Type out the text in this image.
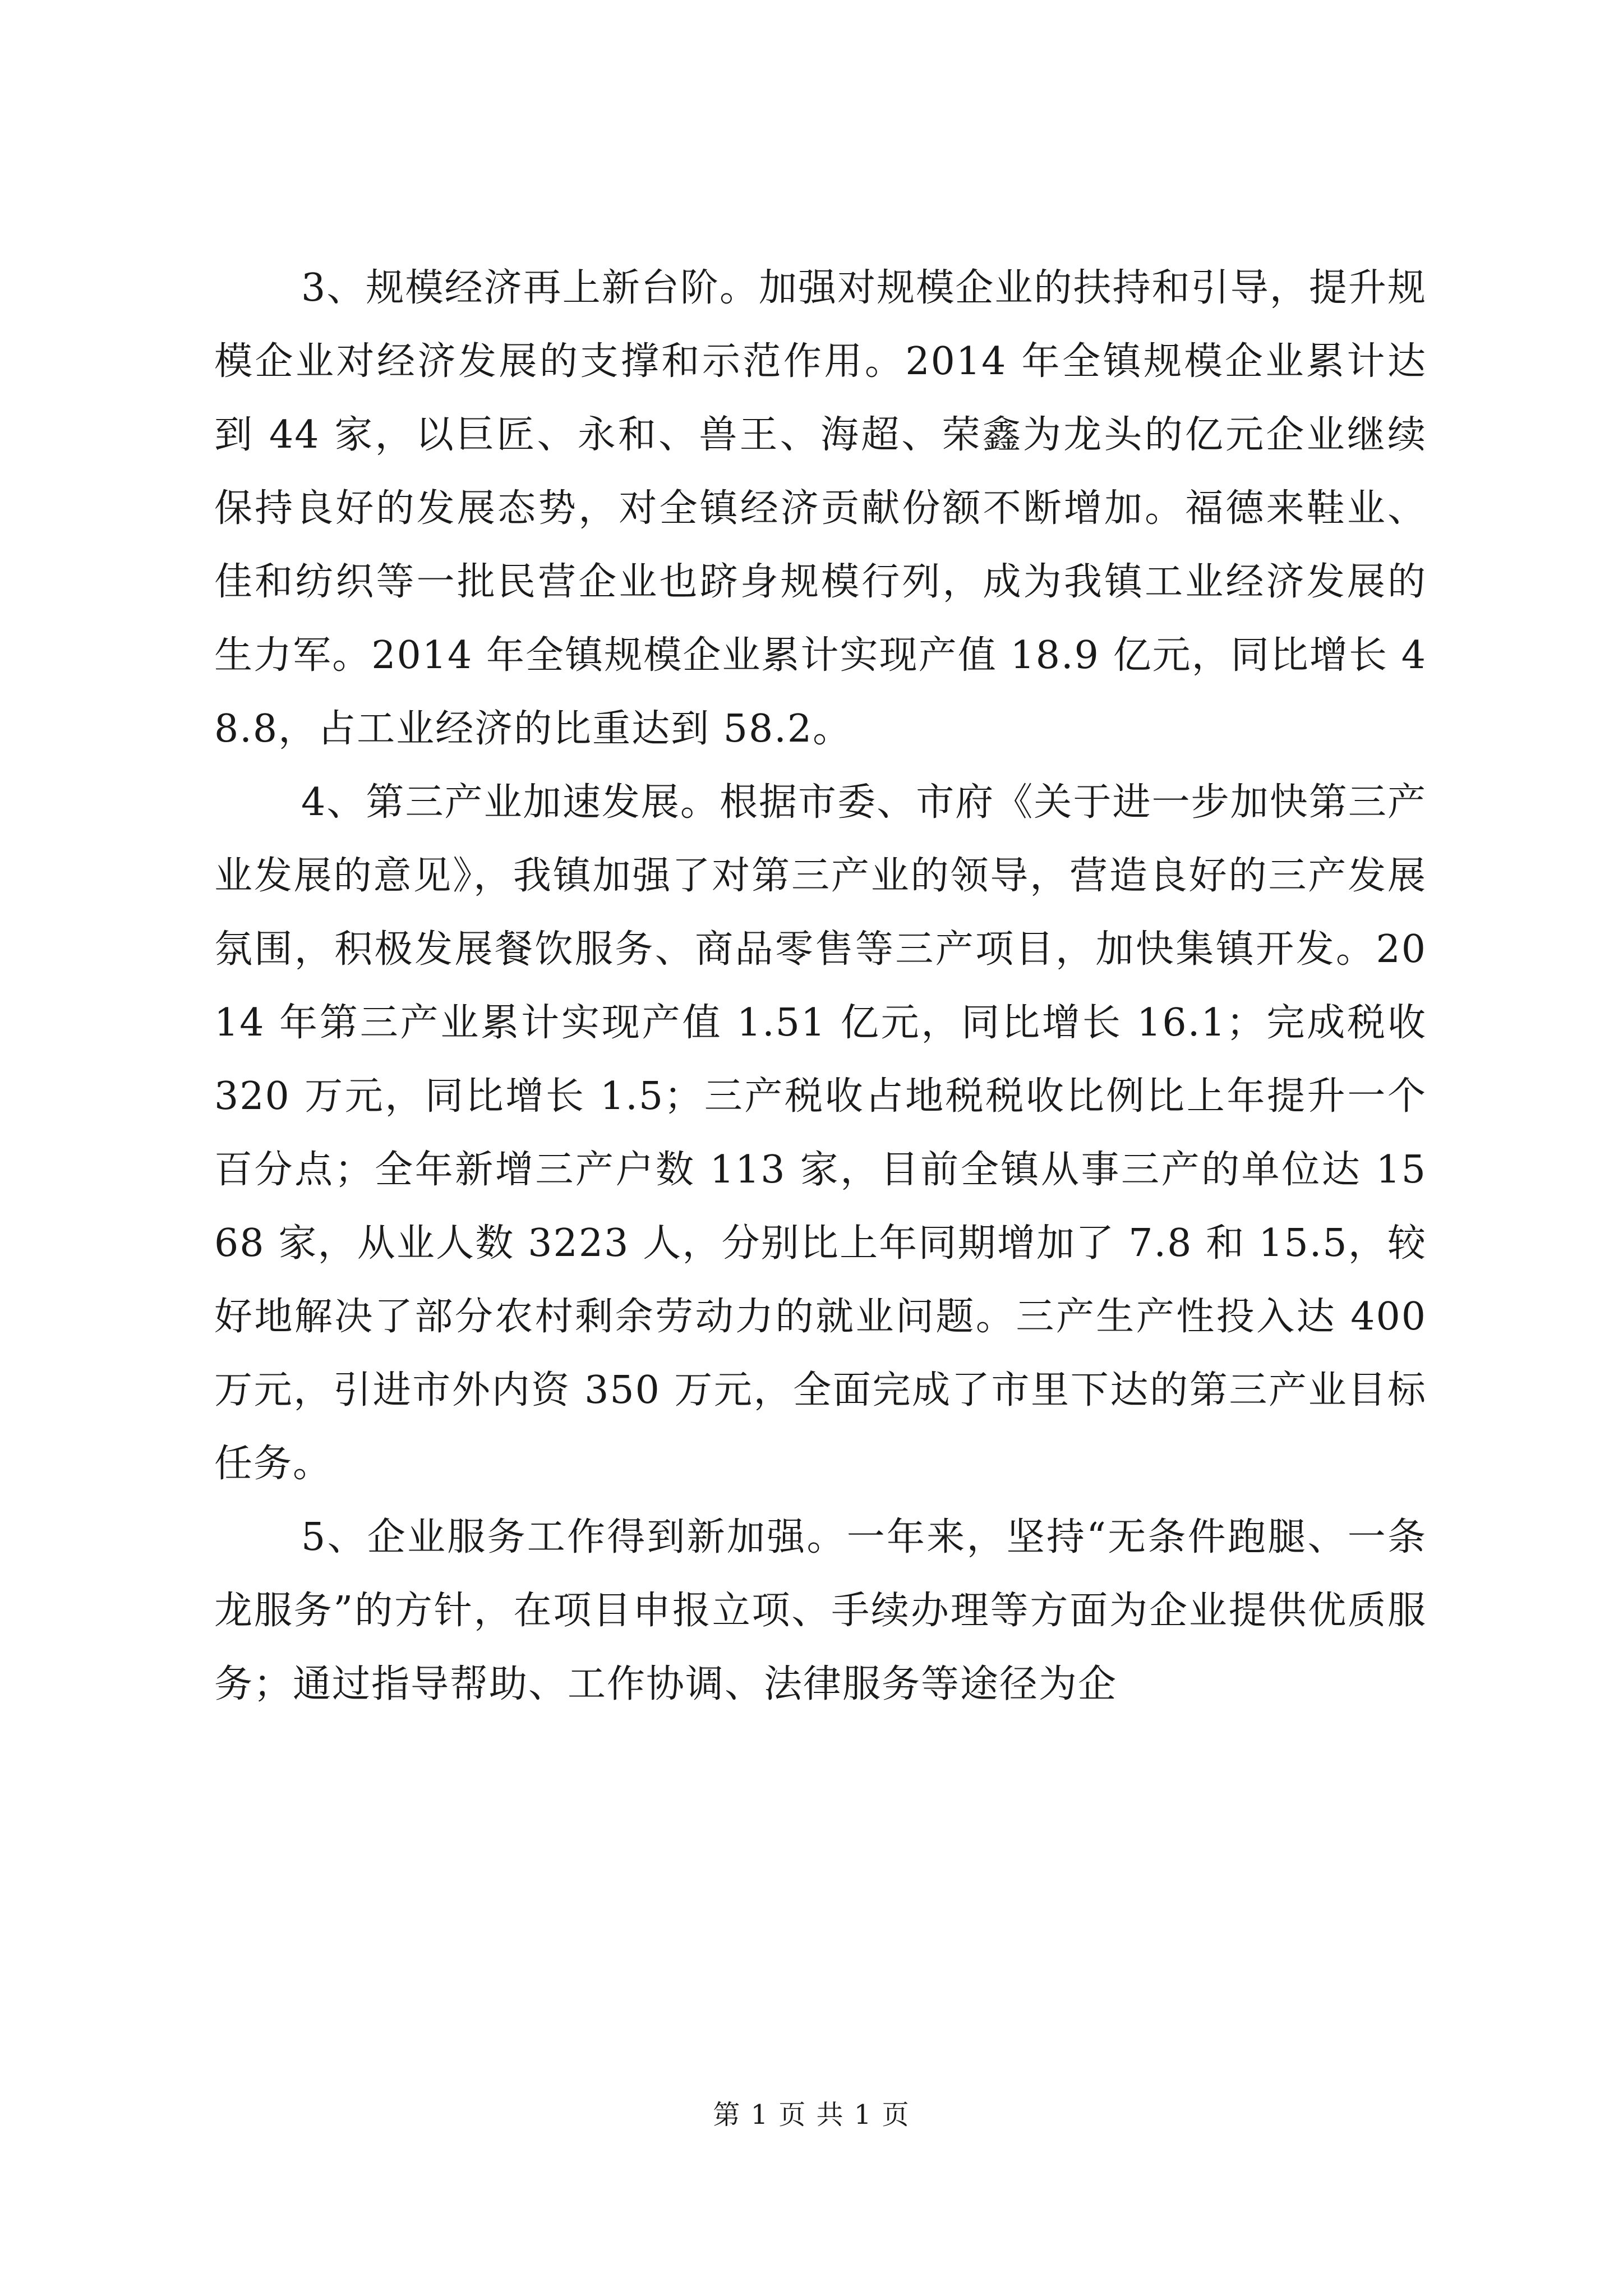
3、规模经济再上新台阶。加强对规模企业的扶持和引导，提升规模企业对经济发展的支撑和示范作用。2014 年全镇规模企业累计达到 44 家，以巨匠、永和、兽王、海超、荣鑫为龙头的亿元企业继续保持良好的发展态势，对全镇经济贡献份额不断增加。福德来鞋业、佳和纺织等一批民营企业也跻身规模行列，成为我镇工业经济发展的生力军。2014 年全镇规模企业累计实现产值 18.9 亿元，同比增长 48.8，占工业经济的比重达到 58.2。

4、第三产业加速发展。根据市委、市府《关于进一步加快第三产业发展的意见》，我镇加强了对第三产业的领导，营造良好的三产发展氛围，积极发展餐饮服务、商品零售等三产项目，加快集镇开发。2014 年第三产业累计实现产值 1.51 亿元，同比增长 16.1；完成税收 320 万元，同比增长 1.5；三产税收占地税税收比例比上年提升一个百分点；全年新增三产户数 113 家，目前全镇从事三产的单位达 1568 家，从业人数 3223 人，分别比上年同期增加了 7.8 和 15.5，较好地解决了部分农村剩余劳动力的就业问题。三产生产性投入达 400 万元，引进市外内资 350 万元，全面完成了市里下达的第三产业目标任务。

5、企业服务工作得到新加强。一年来，坚持“无条件跑腿、一条龙服务”的方针，在项目申报立项、手续办理等方面为企业提供优质服务；通过指导帮助、工作协调、法律服务等途径为企

第 1 页 共 1 页
